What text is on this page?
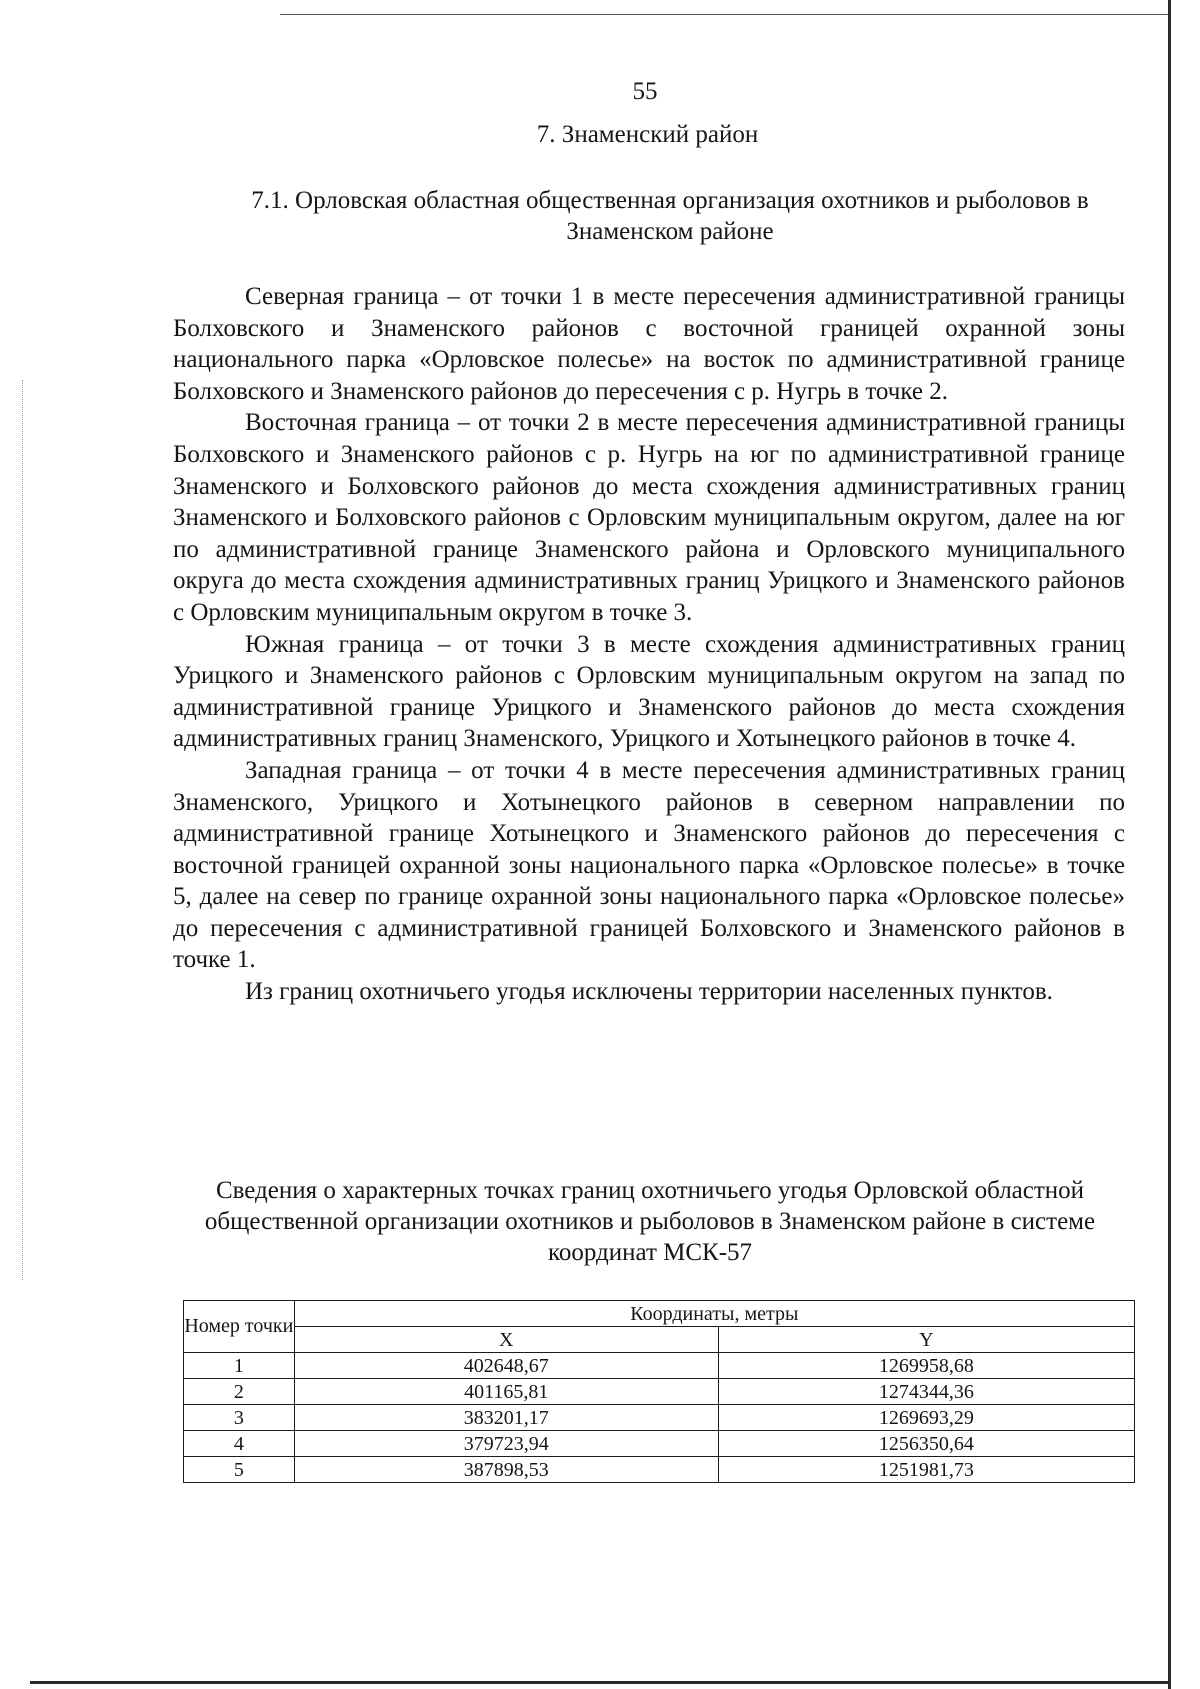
55
7. Знаменский район
7.1. Орловская областная общественная организация охотников и рыболовов в Знаменском районе

Северная граница – от точки 1 в месте пересечения административной границы Болховского и Знаменского районов с восточной границей охранной зоны национального парка «Орловское полесье» на восток по административной границе Болховского и Знаменского районов до пересечения с р. Нугрь в точке 2.

Восточная граница – от точки 2 в месте пересечения административной границы Болховского и Знаменского районов с р. Нугрь на юг по административной границе Знаменского и Болховского районов до места схождения административных границ Знаменского и Болховского районов с Орловским муниципальным округом, далее на юг по административной границе Знаменского района и Орловского муниципального округа до места схождения административных границ Урицкого и Знаменского районов с Орловским муниципальным округом в точке 3.

Южная граница – от точки 3 в месте схождения административных границ Урицкого и Знаменского районов с Орловским муниципальным округом на запад по административной границе Урицкого и Знаменского районов до места схождения административных границ Знаменского, Урицкого и Хотынецкого районов в точке 4.

Западная граница – от точки 4 в месте пересечения административных границ Знаменского, Урицкого и Хотынецкого районов в северном направлении по административной границе Хотынецкого и Знаменского районов до пересечения с восточной границей охранной зоны национального парка «Орловское полесье» в точке 5, далее на север по границе охранной зоны национального парка «Орловское полесье» до пересечения с административной границей Болховского и Знаменского районов в точке 1.

Из границ охотничьего угодья исключены территории населенных пунктов.

Сведения о характерных точках границ охотничьего угодья Орловской областной общественной организации охотников и рыболовов в Знаменском районе в системе координат МСК-57
Номер точки	Координаты, метры	
	X	Y
1	402648,67	1269958,68
2	401165,81	1274344,36
3	383201,17	1269693,29
4	379723,94	1256350,64
5	387898,53	1251981,73
